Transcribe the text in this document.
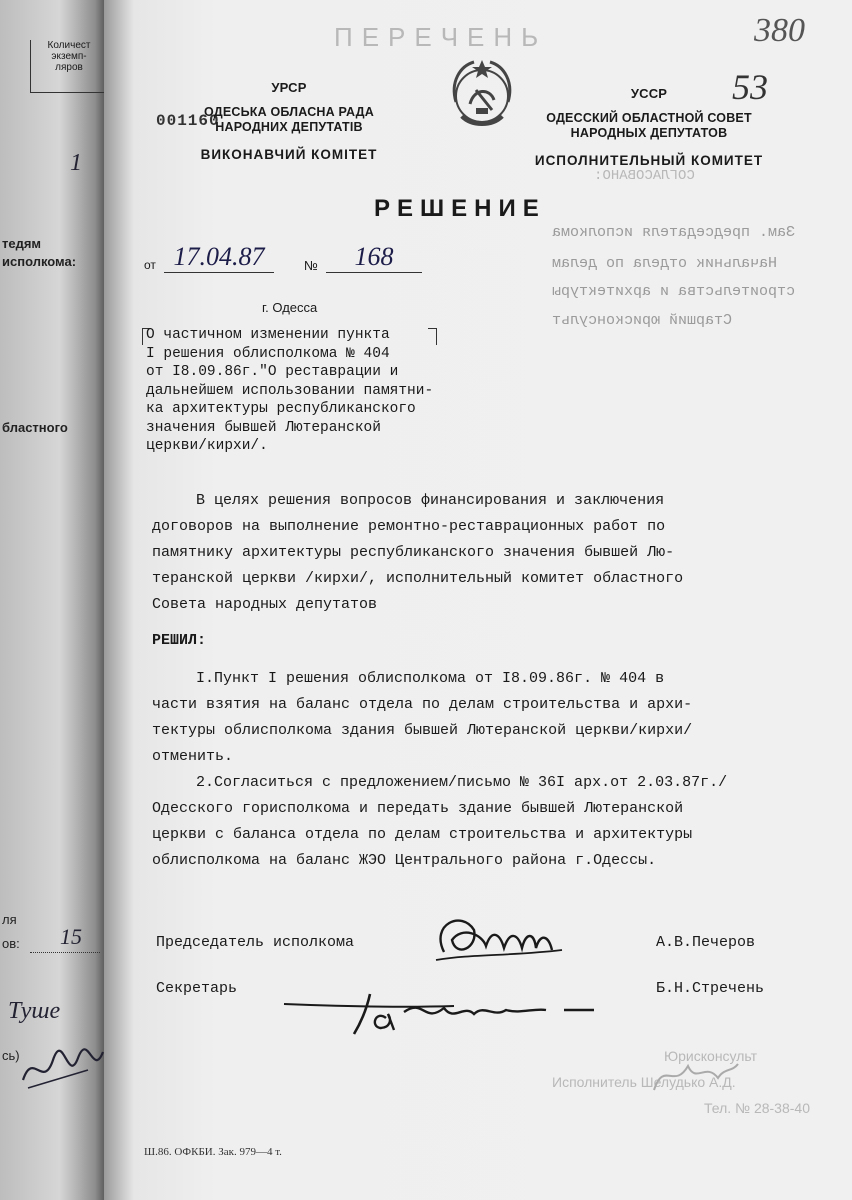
Количест
экземп-
ляров
1
тедям
исполкома:
бластного
ля
ов: 15
Туше
сь)
ПЕРЕЧЕНЬ
СОГЛАСОВАНО:
Зам. председателя исполкома
Начальник отдела по делам
строительства и архитектуры
Старший юрисконсульт
Юрисконсульт
Исполнитель Шелудько А.Д.
Тел. № 28-38-40
380
53
001160
УРСР
ОДЕСЬКА ОБЛАСНА РАДА
НАРОДНИХ ДЕПУТАТІВ
ВИКОНАВЧИЙ КОМІТЕТ
УССР
ОДЕССКИЙ ОБЛАСТНОЙ СОВЕТ
НАРОДНЫХ ДЕПУТАТОВ
ИСПОЛНИТЕЛЬНЫЙ КОМИТЕТ
РЕШЕНИЕ
от 17.04.87	№	168
г. Одесса
О частичном изменении пункта
I решения облисполкома № 404
от I8.09.86г."О реставрации и
дальнейшем использовании памятни-
ка архитектуры республиканского
значения бывшей Лютеранской
церкви/кирхи/.
В целях решения вопросов финансирования и заключения
договоров на выполнение ремонтно-реставрационных работ по
памятнику архитектуры республиканского значения бывшей Лю-
теранской церкви /кирхи/, исполнительный комитет областного
Совета народных депутатов
РЕШИЛ:
I.Пункт I решения облисполкома от I8.09.86г. № 404 в
части взятия на баланс отдела по делам строительства и архи-
тектуры облисполкома здания бывшей Лютеранской церкви/кирхи/
отменить.
2.Согласиться с предложением/письмо № 36I арх.от 2.03.87г./
Одесского горисполкома и передать здание бывшей Лютеранской
церкви с баланса отдела по делам строительства и архитектуры
облисполкома на баланс ЖЭО Центрального района г.Одессы.
Председатель исполкома	А.В.Печеров
Секретарь	Б.Н.Стречень
Ш.86. ОФКБИ. Зак. 979—4 т.
